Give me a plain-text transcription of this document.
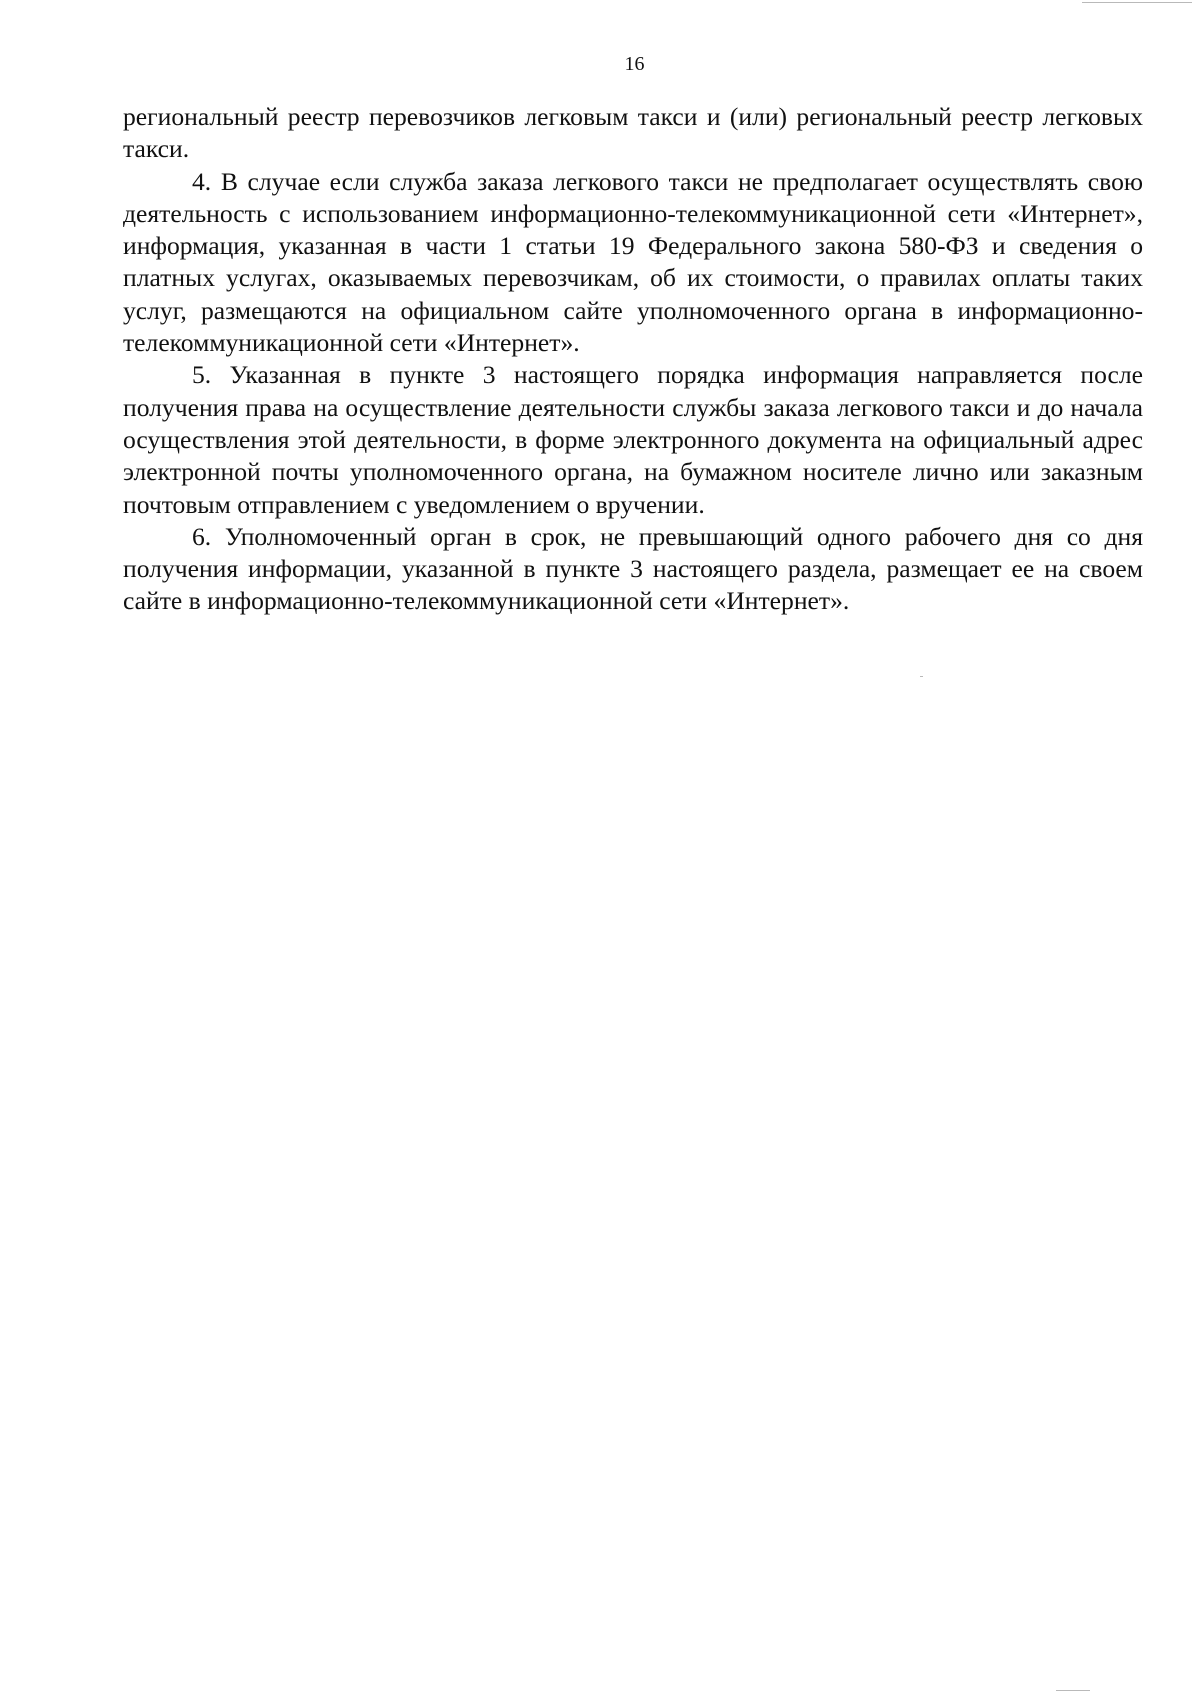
16

региональный реестр перевозчиков легковым такси и (или) региональный реестр легковых такси.

4. В случае если служба заказа легкового такси не предполагает осуществлять свою деятельность с использованием информационно-телекоммуникационной сети «Интернет», информация, указанная в части 1 статьи 19 Федерального закона 580-ФЗ и сведения о платных услугах, оказываемых перевозчикам, об их стоимости, о правилах оплаты таких услуг, размещаются на официальном сайте уполномоченного органа в информационно-телекоммуникационной сети «Интернет».

5. Указанная в пункте 3 настоящего порядка информация направляется после получения права на осуществление деятельности службы заказа легкового такси и до начала осуществления этой деятельности, в форме электронного документа на официальный адрес электронной почты уполномоченного органа, на бумажном носителе лично или заказным почтовым отправлением с уведомлением о вручении.

6. Уполномоченный орган в срок, не превышающий одного рабочего дня со дня получения информации, указанной в пункте 3 настоящего раздела, размещает ее на своем сайте в информационно-телекоммуникационной сети «Интернет».
